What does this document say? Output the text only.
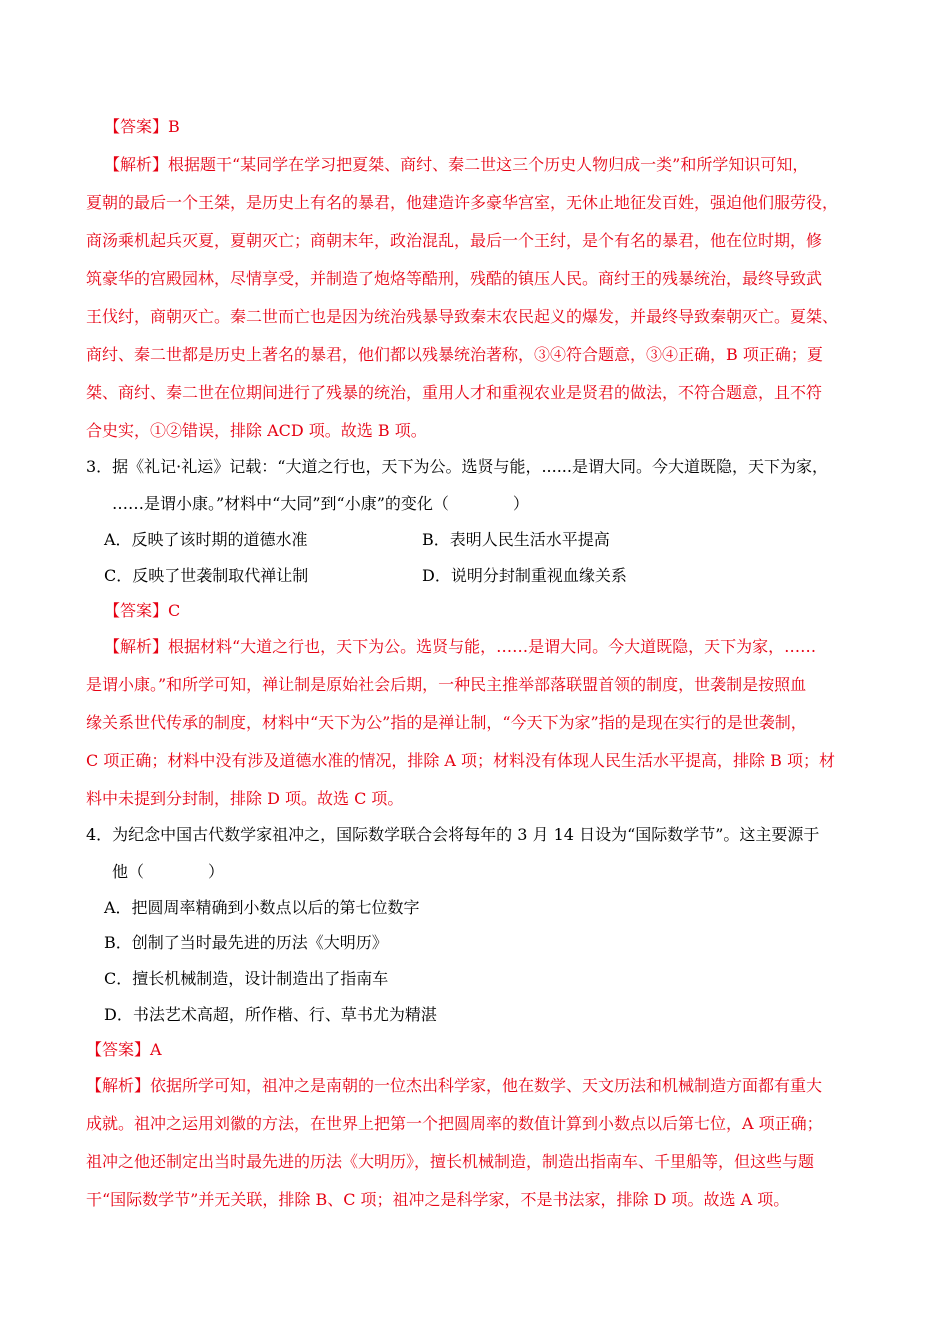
【答案】B
【解析】根据题干“某同学在学习把夏桀、商纣、秦二世这三个历史人物归成一类”和所学知识可知，
夏朝的最后一个王桀，是历史上有名的暴君，他建造许多豪华宫室，无休止地征发百姓，强迫他们服劳役，
商汤乘机起兵灭夏，夏朝灭亡；商朝末年，政治混乱，最后一个王纣，是个有名的暴君，他在位时期，修
筑豪华的宫殿园林，尽情享受，并制造了炮烙等酷刑，残酷的镇压人民。商纣王的残暴统治，最终导致武
王伐纣，商朝灭亡。秦二世而亡也是因为统治残暴导致秦末农民起义的爆发，并最终导致秦朝灭亡。夏桀、
商纣、秦二世都是历史上著名的暴君，他们都以残暴统治著称，③④符合题意，③④正确，B 项正确；夏
桀、商纣、秦二世在位期间进行了残暴的统治，重用人才和重视农业是贤君的做法，不符合题意，且不符
合史实，①②错误，排除 ACD 项。故选 B 项。
3．据《礼记·礼运》记载：“大道之行也，天下为公。选贤与能，......是谓大同。今大道既隐，天下为家，
……是谓小康。”材料中“大同”到“小康”的变化（　　　　）
A．反映了该时期的道德水准	B．表明人民生活水平提高
C．反映了世袭制取代禅让制	D．说明分封制重视血缘关系
【答案】C
【解析】根据材料“大道之行也，天下为公。选贤与能，……是谓大同。今大道既隐，天下为家，……
是谓小康。”和所学可知，禅让制是原始社会后期，一种民主推举部落联盟首领的制度，世袭制是按照血
缘关系世代传承的制度，材料中“天下为公”指的是禅让制，“今天下为家”指的是现在实行的是世袭制，
C 项正确；材料中没有涉及道德水准的情况，排除 A 项；材料没有体现人民生活水平提高，排除 B 项；材
料中未提到分封制，排除 D 项。故选 C 项。
4．为纪念中国古代数学家祖冲之，国际数学联合会将每年的 3 月 14 日设为“国际数学节”。这主要源于
他（　　　　）
A．把圆周率精确到小数点以后的第七位数字
B．创制了当时最先进的历法《大明历》
C．擅长机械制造，设计制造出了指南车
D．书法艺术高超，所作楷、行、草书尤为精湛
【答案】A
【解析】依据所学可知，祖冲之是南朝的一位杰出科学家，他在数学、天文历法和机械制造方面都有重大
成就。祖冲之运用刘徽的方法，在世界上把第一个把圆周率的数值计算到小数点以后第七位，A 项正确；
祖冲之他还制定出当时最先进的历法《大明历》，擅长机械制造，制造出指南车、千里船等，但这些与题
干“国际数学节”并无关联，排除 B、C 项；祖冲之是科学家，不是书法家，排除 D 项。故选 A 项。
